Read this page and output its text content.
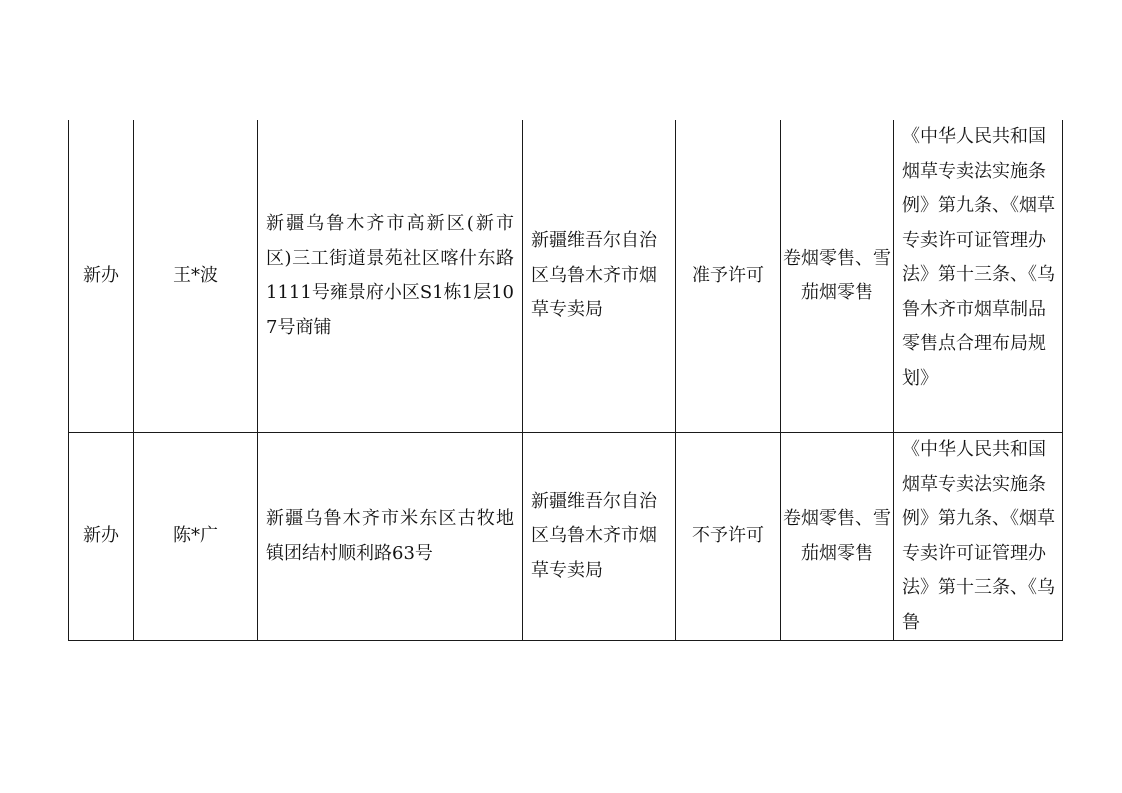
新办	王*波	新疆乌鲁木齐市高新区(新市区)三工街道景苑社区喀什东路1111号雍景府小区S1栋1层107号商铺	新疆维吾尔自治区乌鲁木齐市烟草专卖局	准予许可	卷烟零售、雪茄烟零售	《中华人民共和国烟草专卖法实施条例》第九条、《烟草专卖许可证管理办法》第十三条、《乌鲁木齐市烟草制品零售点合理布局规划》

新办	陈*广	新疆乌鲁木齐市米东区古牧地镇团结村顺利路63号	新疆维吾尔自治区乌鲁木齐市烟草专卖局	不予许可	卷烟零售、雪茄烟零售	《中华人民共和国烟草专卖法实施条例》第九条、《烟草专卖许可证管理办法》第十三条、《乌鲁
